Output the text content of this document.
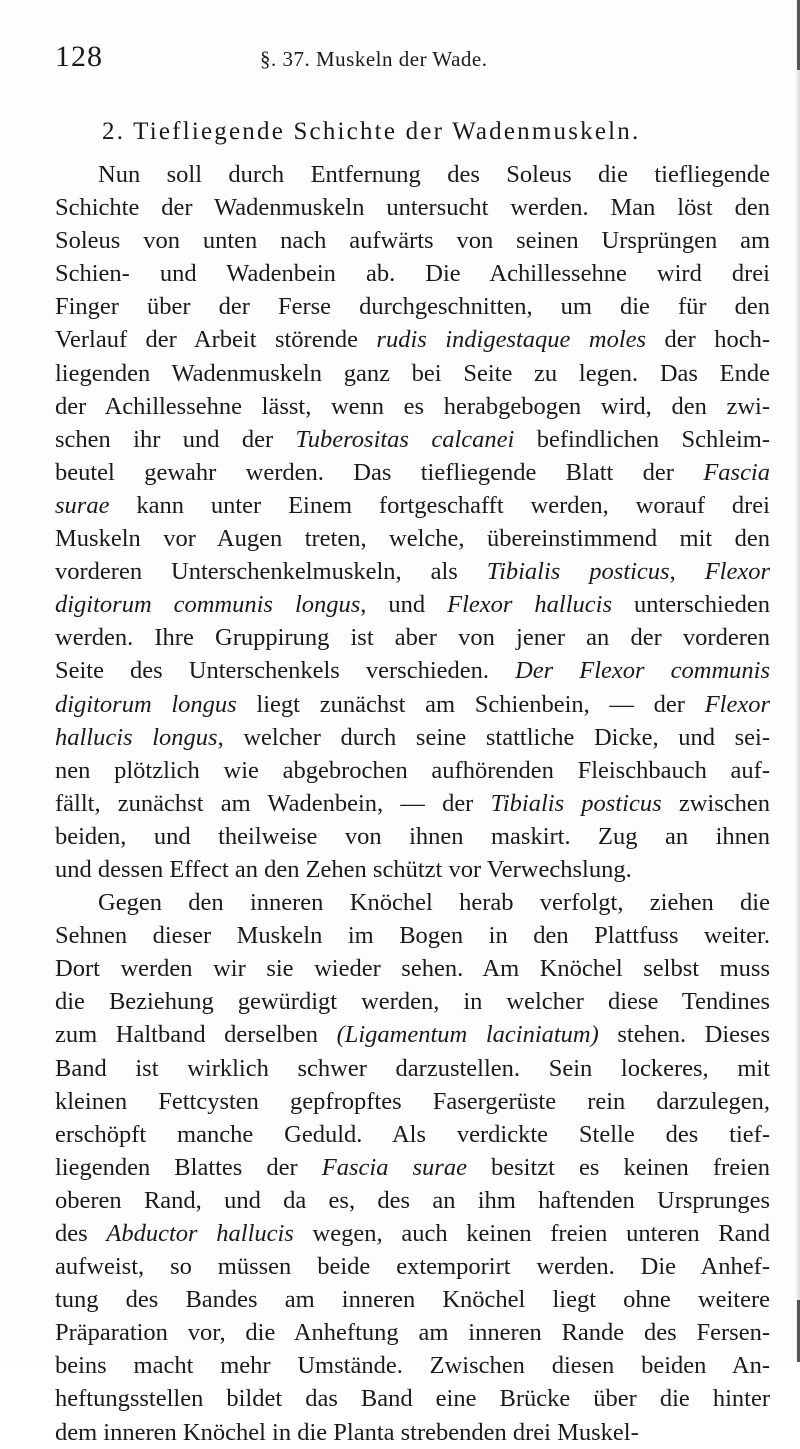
128	§. 37. Muskeln der Wade.
2. Tiefliegende Schichte der Wadenmuskeln.
Nun soll durch Entfernung des Soleus die tiefliegende
Schichte der Wadenmuskeln untersucht werden. Man löst den
Soleus von unten nach aufwärts von seinen Ursprüngen am
Schien- und Wadenbein ab. Die Achillessehne wird drei
Finger über der Ferse durchgeschnitten, um die für den
Verlauf der Arbeit störende rudis indigestaque moles der hoch-
liegenden Wadenmuskeln ganz bei Seite zu legen. Das Ende
der Achillessehne lässt, wenn es herabgebogen wird, den zwi-
schen ihr und der Tuberositas calcanei befindlichen Schleim-
beutel gewahr werden. Das tiefliegende Blatt der Fascia
surae kann unter Einem fortgeschafft werden, worauf drei
Muskeln vor Augen treten, welche, übereinstimmend mit den
vorderen Unterschenkelmuskeln, als Tibialis posticus, Flexor
digitorum communis longus, und Flexor hallucis unterschieden
werden. Ihre Gruppirung ist aber von jener an der vorderen
Seite des Unterschenkels verschieden. Der Flexor communis
digitorum longus liegt zunächst am Schienbein, — der Flexor
hallucis longus, welcher durch seine stattliche Dicke, und sei-
nen plötzlich wie abgebrochen aufhörenden Fleischbauch auf-
fällt, zunächst am Wadenbein, — der Tibialis posticus zwischen
beiden, und theilweise von ihnen maskirt. Zug an ihnen
und dessen Effect an den Zehen schützt vor Verwechslung.
Gegen den inneren Knöchel herab verfolgt, ziehen die
Sehnen dieser Muskeln im Bogen in den Plattfuss weiter.
Dort werden wir sie wieder sehen. Am Knöchel selbst muss
die Beziehung gewürdigt werden, in welcher diese Tendines
zum Haltband derselben (Ligamentum laciniatum) stehen. Dieses
Band ist wirklich schwer darzustellen. Sein lockeres, mit
kleinen Fettcysten gepfropftes Fasergerüste rein darzulegen,
erschöpft manche Geduld. Als verdickte Stelle des tief-
liegenden Blattes der Fascia surae besitzt es keinen freien
oberen Rand, und da es, des an ihm haftenden Ursprunges
des Abductor hallucis wegen, auch keinen freien unteren Rand
aufweist, so müssen beide extemporirt werden. Die Anhef-
tung des Bandes am inneren Knöchel liegt ohne weitere
Präparation vor, die Anheftung am inneren Rande des Fersen-
beins macht mehr Umstände. Zwischen diesen beiden An-
heftungsstellen bildet das Band eine Brücke über die hinter
dem inneren Knöchel in die Planta strebenden drei Muskel-
